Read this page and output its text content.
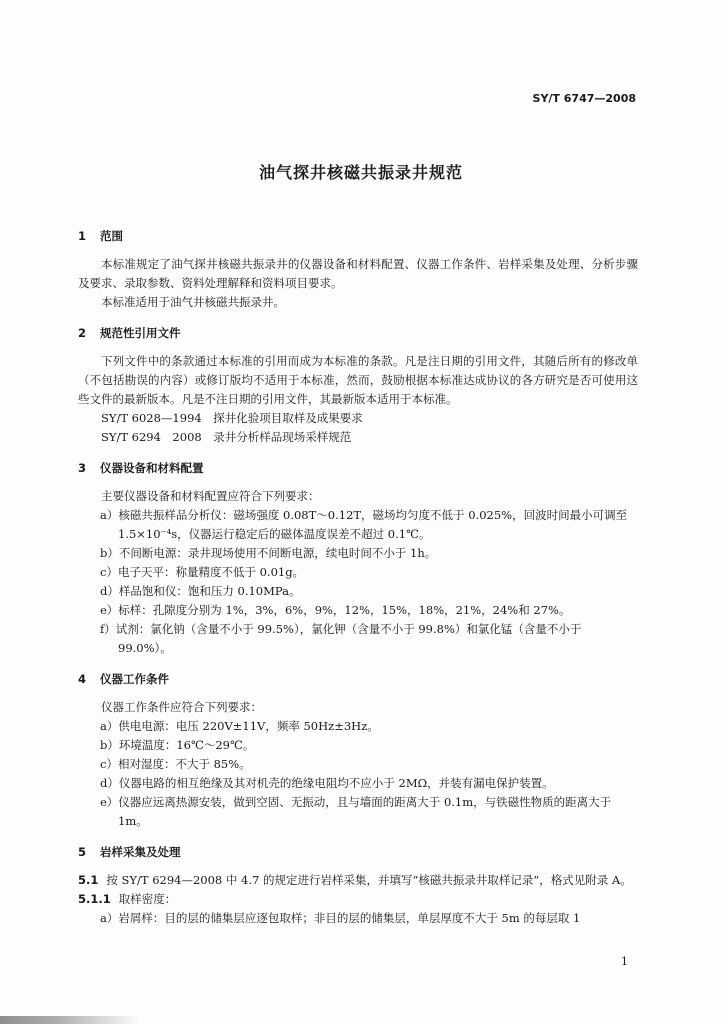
SY/T 6747—2008
油气探井核磁共振录井规范
1 范围

本标准规定了油气探井核磁共振录井的仪器设备和材料配置、仪器工作条件、岩样采集及处理、分析步骤及要求、录取参数、资料处理解释和资料项目要求。

本标准适用于油气井核磁共振录井。

2 规范性引用文件

下列文件中的条款通过本标准的引用而成为本标准的条款。凡是注日期的引用文件，其随后所有的修改单（不包括勘误的内容）或修订版均不适用于本标准，然而，鼓励根据本标准达成协议的各方研究是否可使用这些文件的最新版本。凡是不注日期的引用文件，其最新版本适用于本标准。

SY/T 6028—1994　探井化验项目取样及成果要求

SY/T 6294　2008　录井分析样品现场采样规范

3 仪器设备和材料配置

主要仪器设备和材料配置应符合下列要求：

a）核磁共振样品分析仪：磁场强度 0.08T～0.12T，磁场均匀度不低于 0.025%，回波时间最小可调至 1.5×10⁻⁴s，仪器运行稳定后的磁体温度误差不超过 0.1℃。

b）不间断电源：录井现场使用不间断电源，续电时间不小于 1h。

c）电子天平：称量精度不低于 0.01g。

d）样品饱和仪：饱和压力 0.10MPa。

e）标样：孔隙度分别为 1%，3%，6%，9%，12%，15%，18%，21%，24%和 27%。

f）试剂：氯化钠（含量不小于 99.5%），氯化钾（含量不小于 99.8%）和氯化锰（含量不小于 99.0%）。

4 仪器工作条件

仪器工作条件应符合下列要求：

a）供电电源：电压 220V±11V，频率 50Hz±3Hz。

b）环境温度：16℃～29℃。

c）相对湿度：不大于 85%。

d）仪器电路的相互绝缘及其对机壳的绝缘电阻均不应小于 2MΩ，并装有漏电保护装置。

e）仪器应远离热源安装，做到空固、无振动，且与墙面的距离大于 0.1m，与铁磁性物质的距离大于 1m。

5 岩样采集及处理

5.1 按 SY/T 6294—2008 中 4.7 的规定进行岩样采集，并填写“核磁共振录井取样记录”，格式见附录 A。

5.1.1 取样密度：

a）岩屑样：目的层的储集层应逐包取样；非目的层的储集层，单层厚度不大于 5m 的每层取 1

1
